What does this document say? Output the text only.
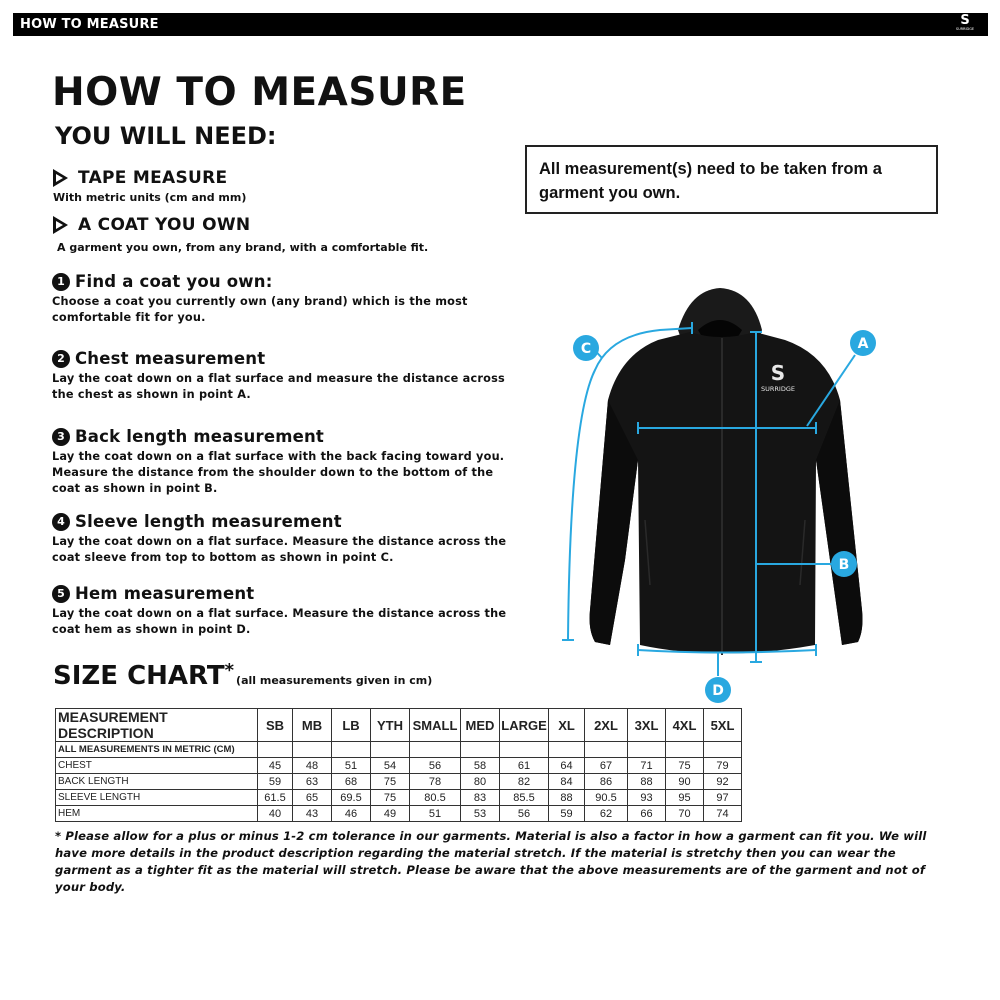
HOW TO MEASURE	S
SURRIDGE
HOW TO MEASURE
YOU WILL NEED:
TAPE MEASURE
With metric units (cm and mm)
A COAT YOU OWN
A garment you own, from any brand, with a comfortable fit.
1 Find a coat you own:
Choose a coat you currently own (any brand) which is the most comfortable fit for you.
2 Chest measurement
Lay the coat down on a flat surface and measure the distance across the chest as shown in point A.
3 Back length measurement
Lay the coat down on a flat surface with the back facing toward you. Measure the distance from the shoulder down to the bottom of the coat as shown in point B.
4 Sleeve length measurement
Lay the coat down on a flat surface. Measure the distance across the coat sleeve from top to bottom as shown in point C.
5 Hem measurement
Lay the coat down on a flat surface. Measure the distance across the coat hem as shown in point D.
All measurement(s) need to be taken from a garment you own.
S
SURRIDGE
A
B
C
D
SIZE CHART * (all measurements given in cm)
MEASUREMENT DESCRIPTION	SB	MB	LB	YTH	SMALL	MED	LARGE	XL	2XL	3XL	4XL	5XL
ALL MEASUREMENTS IN METRIC (CM)												
CHEST	45	48	51	54	56	58	61	64	67	71	75	79
BACK LENGTH	59	63	68	75	78	80	82	84	86	88	90	92
SLEEVE LENGTH	61.5	65	69.5	75	80.5	83	85.5	88	90.5	93	95	97
HEM	40	43	46	49	51	53	56	59	62	66	70	74
* Please allow for a plus or minus 1-2 cm tolerance in our garments. Material is also a factor in how a garment can fit you. We will have more details in the product description regarding the material stretch. If the material is stretchy then you can wear the garment as a tighter fit as the material will stretch. Please be aware that the above measurements are of the garment and not of your body.
